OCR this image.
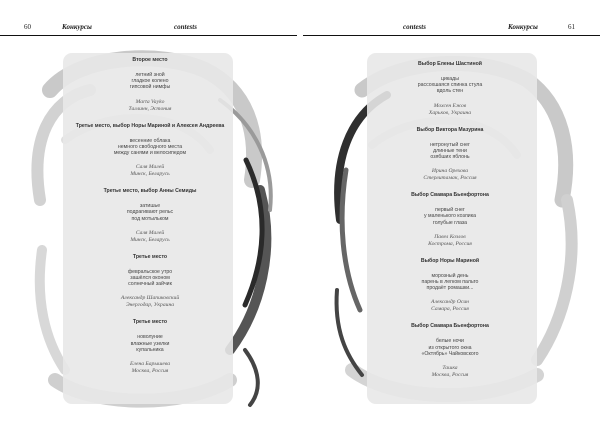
60	Конкурсы	contests
Второе место
летний зной
гладкое колено
гипсовой нимфы
Marta Vayko
Таллинн, Эстония
Третье место, выбор Норы Мариной и Алексея Андреева
весенние облака
немного свободного места
между санями и велосипедом
Саля Малей
Минск, Беларусь
Третье место, выбор Анны Семиды
затишье
подрагивают рельс
под мотыльком
Саля Малей
Минск, Беларусь
Третье место
февральское утро
зашёлся оконом
солнечный зайчик
Александр Шапиковский
Энергодар, Украина
Третье место
новолуние
влажные узелки
купальника
Елена Барышева
Москва, Россия
contests	Конкурсы	61
Выбор Елены Шастиной
цикады
рассохшаяся спинка стула
вдоль стен
Mохсен Ежов
Харьков, Украина
Выбор Виктора Мазурина
нетронутый снег
длинные тени
озябших яблонь
Ирина Орехова
Стерлитамак, Россия
Выбор Свавара Бьенфортона
первый снег
у маленького козлика
голубые глаза
Павел Козлов
Кострома, Россия
Выбор Норы Мариной
морозный день
парень в легком пальто
продаёт ромашки...
Александр Осин
Самара, Россия
Выбор Свавара Бьенфортона
белые ночи
из открытого окна
«Октябрь» Чайковского
Ташка
Москва, Россия
